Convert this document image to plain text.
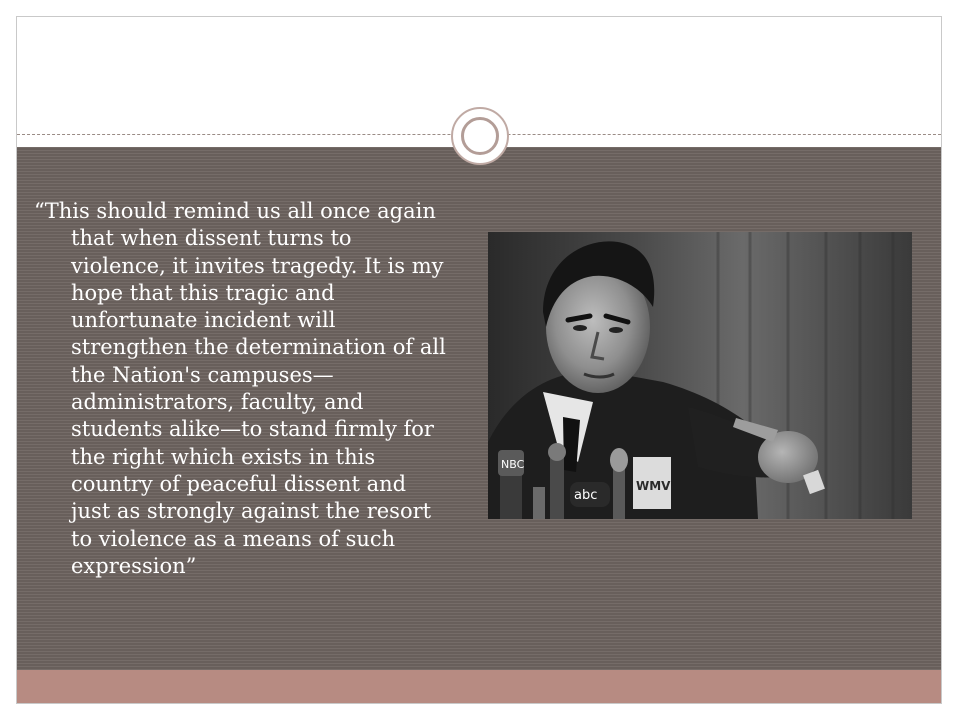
“This should remind us all once again that when dissent turns to violence, it invites tragedy. It is my hope that this tragic and unfortunate incident will strengthen the determination of all the Nation's campuses—administrators, faculty, and students alike—to stand firmly for the right which exists in this country of peaceful dissent and just as strongly against the resort to violence as a means of such expression”

NBC
abc
WMV
